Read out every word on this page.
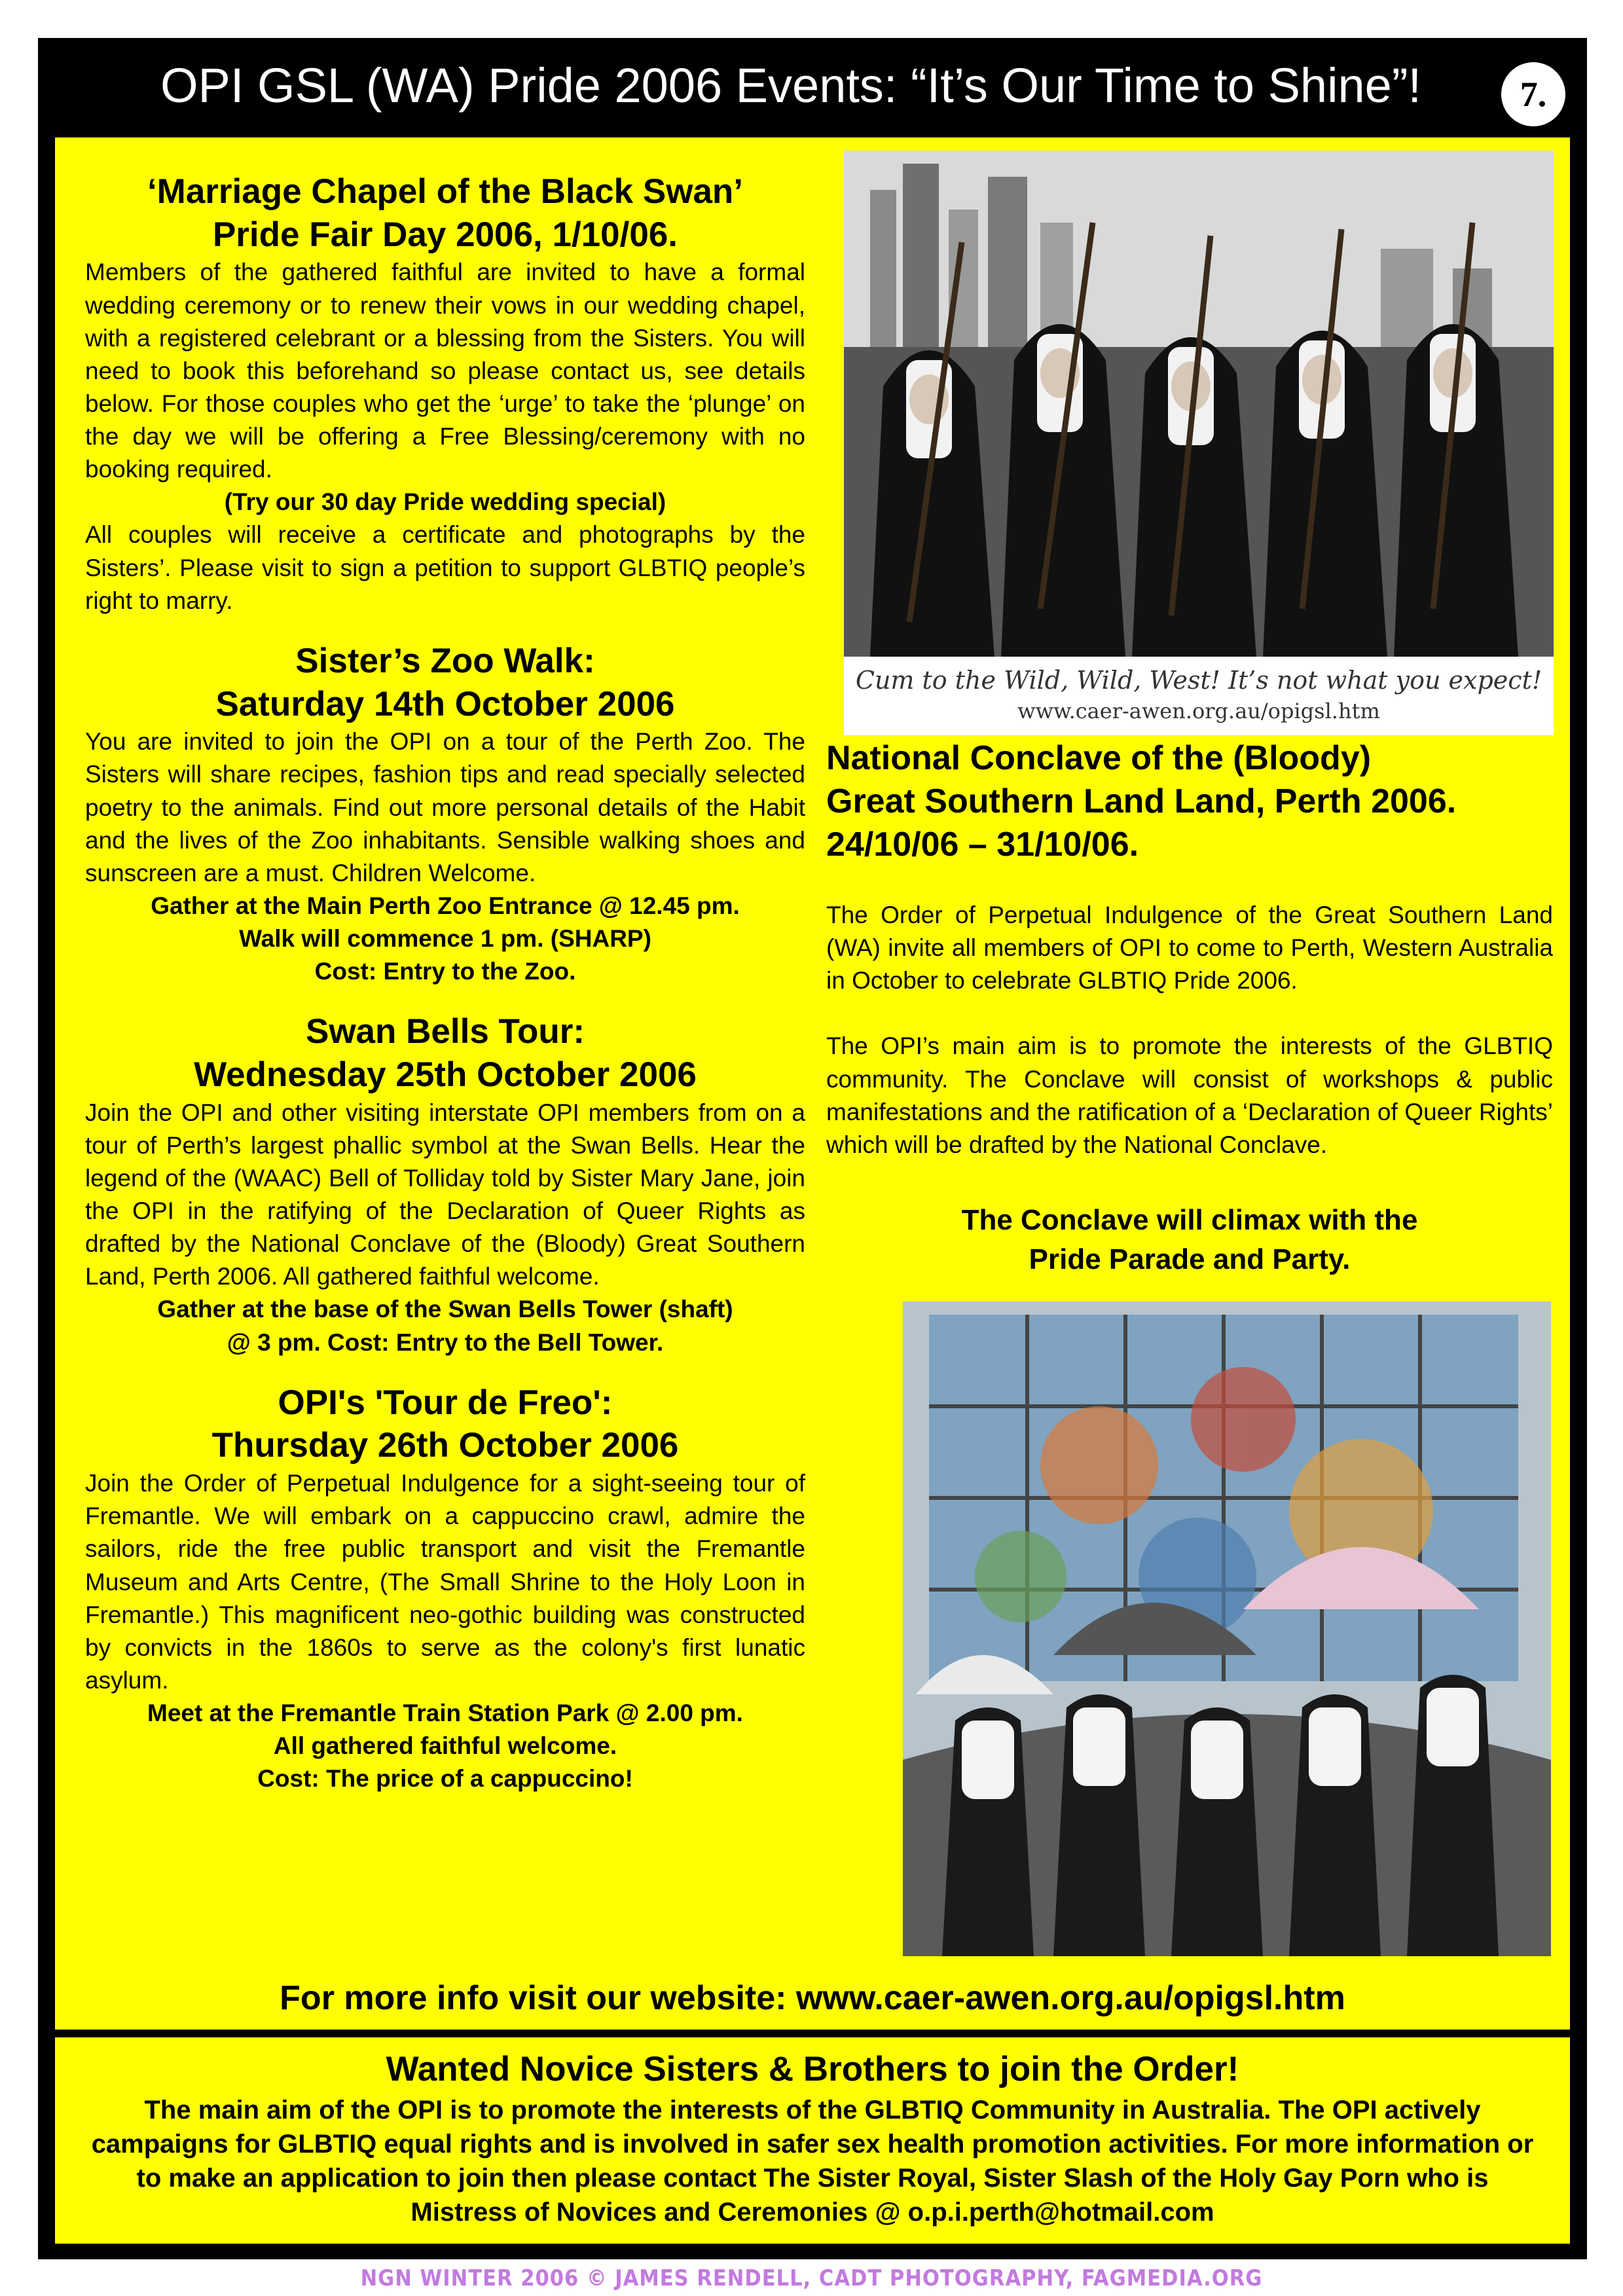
OPI GSL (WA) Pride 2006 Events: “It’s Our Time to Shine”!	7.

‘Marriage Chapel of the Black Swan’

Pride Fair Day 2006, 1/10/06.

Members of the gathered faithful are invited to have a formal wedding ceremony or to renew their vows in our wedding chapel, with a registered celebrant or a blessing from the Sisters. You will need to book this beforehand so please contact us, see details below. For those couples who get the ‘urge’ to take the ‘plunge’ on the day we will be offering a Free Blessing/ceremony with no booking required.

(Try our 30 day Pride wedding special)

All couples will receive a certificate and photographs by the Sisters’. Please visit to sign a petition to support GLBTIQ people’s right to marry.

Sister’s Zoo Walk:

Saturday 14th October 2006

You are invited to join the OPI on a tour of the Perth Zoo. The Sisters will share recipes, fashion tips and read specially selected poetry to the animals. Find out more personal details of the Habit and the lives of the Zoo inhabitants. Sensible walking shoes and sunscreen are a must. Children Welcome.

Gather at the Main Perth Zoo Entrance @ 12.45 pm.

Walk will commence 1 pm. (SHARP)

Cost: Entry to the Zoo.

Swan Bells Tour:

Wednesday 25th October 2006

Join the OPI and other visiting interstate OPI members from on a tour of Perth’s largest phallic symbol at the Swan Bells. Hear the legend of the (WAAC) Bell of Tolliday told by Sister Mary Jane, join the OPI in the ratifying of the Declaration of Queer Rights as drafted by the National Conclave of the (Bloody) Great Southern Land, Perth 2006. All gathered faithful welcome.

Gather at the base of the Swan Bells Tower (shaft)

@ 3 pm. Cost: Entry to the Bell Tower.

OPI's 'Tour de Freo':

Thursday 26th October 2006

Join the Order of Perpetual Indulgence for a sight-seeing tour of Fremantle. We will embark on a cappuccino crawl, admire the sailors, ride the free public transport and visit the Fremantle Museum and Arts Centre, (The Small Shrine to the Holy Loon in Fremantle.) This magnificent neo-gothic building was constructed by convicts in the 1860s to serve as the colony's first lunatic asylum.

Meet at the Fremantle Train Station Park @ 2.00 pm.

All gathered faithful welcome.

Cost: The price of a cappuccino!

Cum to the Wild, Wild, West! It’s not what you expect!
www.caer-awen.org.au/opigsl.htm

National Conclave of the (Bloody)

Great Southern Land Land, Perth 2006.

24/10/06 – 31/10/06.

The Order of Perpetual Indulgence of the Great Southern Land (WA) invite all members of OPI to come to Perth, Western Australia in October to celebrate GLBTIQ Pride 2006.

The OPI’s main aim is to promote the interests of the GLBTIQ community. The Conclave will consist of workshops & public manifestations and the ratification of a ‘Declaration of Queer Rights’ which will be drafted by the National Conclave.

The Conclave will climax with the

Pride Parade and Party.

For more info visit our website: www.caer-awen.org.au/opigsl.htm
Wanted Novice Sisters & Brothers to join the Order!

The main aim of the OPI is to promote the interests of the GLBTIQ Community in Australia. The OPI actively campaigns for GLBTIQ equal rights and is involved in safer sex health promotion activities. For more information or to make an application to join then please contact The Sister Royal, Sister Slash of the Holy Gay Porn who is Mistress of Novices and Ceremonies @ o.p.i.perth@hotmail.com

NGN WINTER 2006 © JAMES RENDELL, CADT PHOTOGRAPHY, FAGMEDIA.ORG
